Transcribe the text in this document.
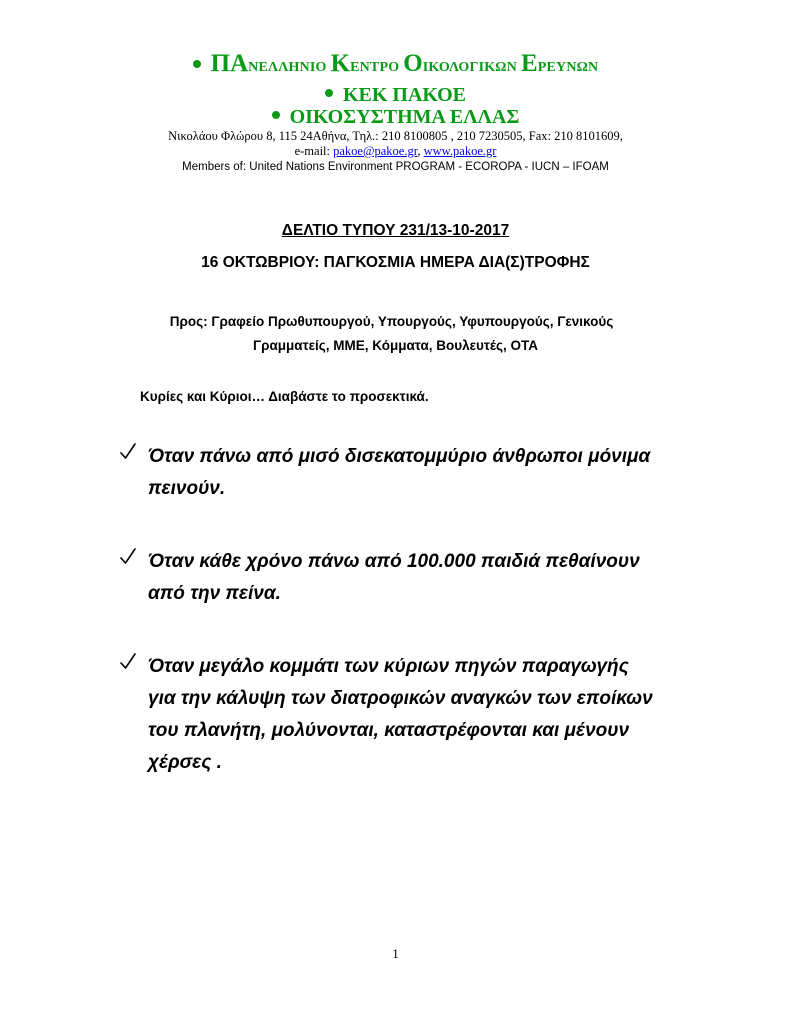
ΠΑΝΕΛΛΗΝΙΟ ΚΕΝΤΡΟ ΟΙΚΟΛΟΓΙΚΩΝ ΕΡΕΥΝΩΝ
ΚΕΚ ΠΑΚΟΕ
ΟΙΚΟΣΥΣΤΗΜΑ ΕΛΛΑΣ
Νικολάου Φλώρου 8, 115 24Αθήνα, Τηλ.: 210 8100805 , 210 7230505, Fax: 210 8101609,
e-mail: pakoe@pakoe.gr, www.pakoe.gr
Members of: United Nations Environment PROGRAM - ECOROPA - IUCN – IFOAM
ΔΕΛΤΙΟ ΤΥΠΟΥ 231/13-10-2017
16 ΟΚΤΩΒΡΙΟΥ: ΠΑΓΚΟΣΜΙΑ ΗΜΕΡΑ ΔΙΑ(Σ)ΤΡΟΦΗΣ
Προς: Γραφείο Πρωθυπουργού, Υπουργούς, Υφυπουργούς, Γενικούς
Γραμματείς, ΜΜΕ, Κόμματα, Βουλευτές, ΟΤΑ
Κυρίες και Κύριοι… Διαβάστε το προσεκτικά.
Όταν πάνω από μισό δισεκατομμύριο άνθρωποι μόνιμα
πεινούν.
Όταν κάθε χρόνο πάνω από 100.000 παιδιά πεθαίνουν
από την πείνα.
Όταν μεγάλο κομμάτι των κύριων πηγών παραγωγής
για την κάλυψη των διατροφικών αναγκών των εποίκων
του πλανήτη, μολύνονται, καταστρέφονται και μένουν
χέρσες .
1
